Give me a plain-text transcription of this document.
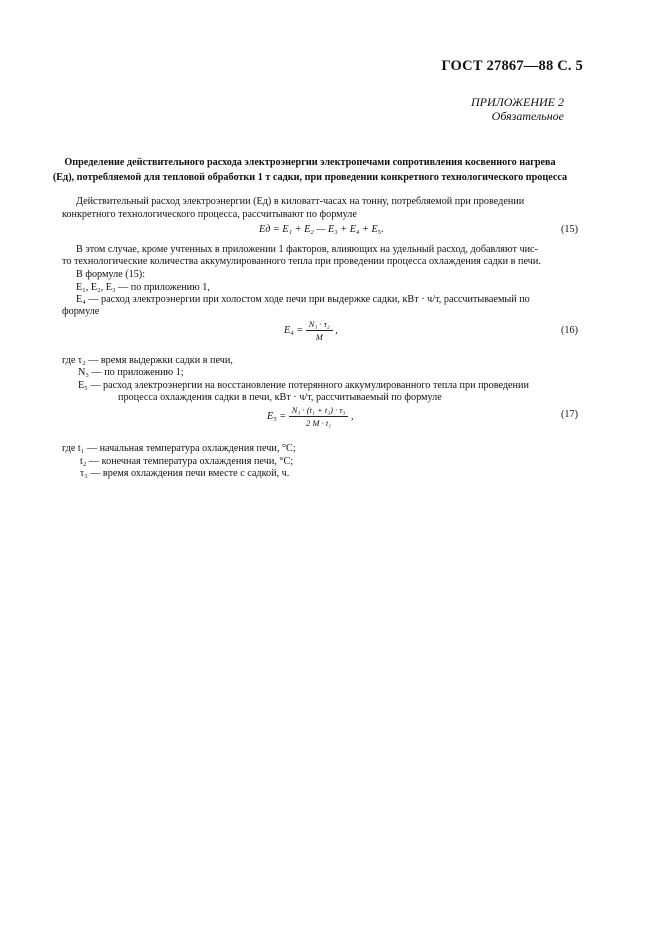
ГОСТ 27867—88 С. 5
ПРИЛОЖЕНИЕ 2
Обязательное
Определение действительного расхода электроэнергии электропечами сопротивления косвенного нагрева
(Eд), потребляемой для тепловой обработки 1 т садки, при проведении конкретного технологического процесса
Действительный расход электроэнергии (Eд) в киловатт-часах на тонну, потребляемой при проведении
конкретного технологического процесса, рассчитывают по формуле
Eд = E₁ + E₂ — E₃ + E₄ + E₅.	(15)
В этом случае, кроме учтенных в приложении 1 факторов, влияющих на удельный расход, добавляют чис-
то технологические количества аккумулированного тепла при проведении процесса охлаждения садки в печи.
В формуле (15):
E₁, E₂, E₃ — по приложению 1,
E₄ — расход электроэнергии при холостом ходе печи при выдержке садки, кВт · ч/т, рассчитываемый по
формуле
$E_4 = \frac{\text{N₃ · τ₂}}{M}$ ,	(16)
где τ₂ — время выдержки садки в печи,
N₃ — по приложению 1;
E₅ — расход электроэнергии на восстановление потерянного аккумулированного тепла при проведении
процесса охлаждения садки в печи, кВт · ч/т, рассчитываемый по формуле
$E_5 = \frac{\text{N₃ · (t₁ + t₂) · τ₃}}{\text{2 M · t₁}}$ ,	(17)
где t₁ — начальная температура охлаждения печи, °C;
t₂ — конечная температура охлаждения печи, °C;
τ₃ — время охлаждения печи вместе с садкой, ч.
